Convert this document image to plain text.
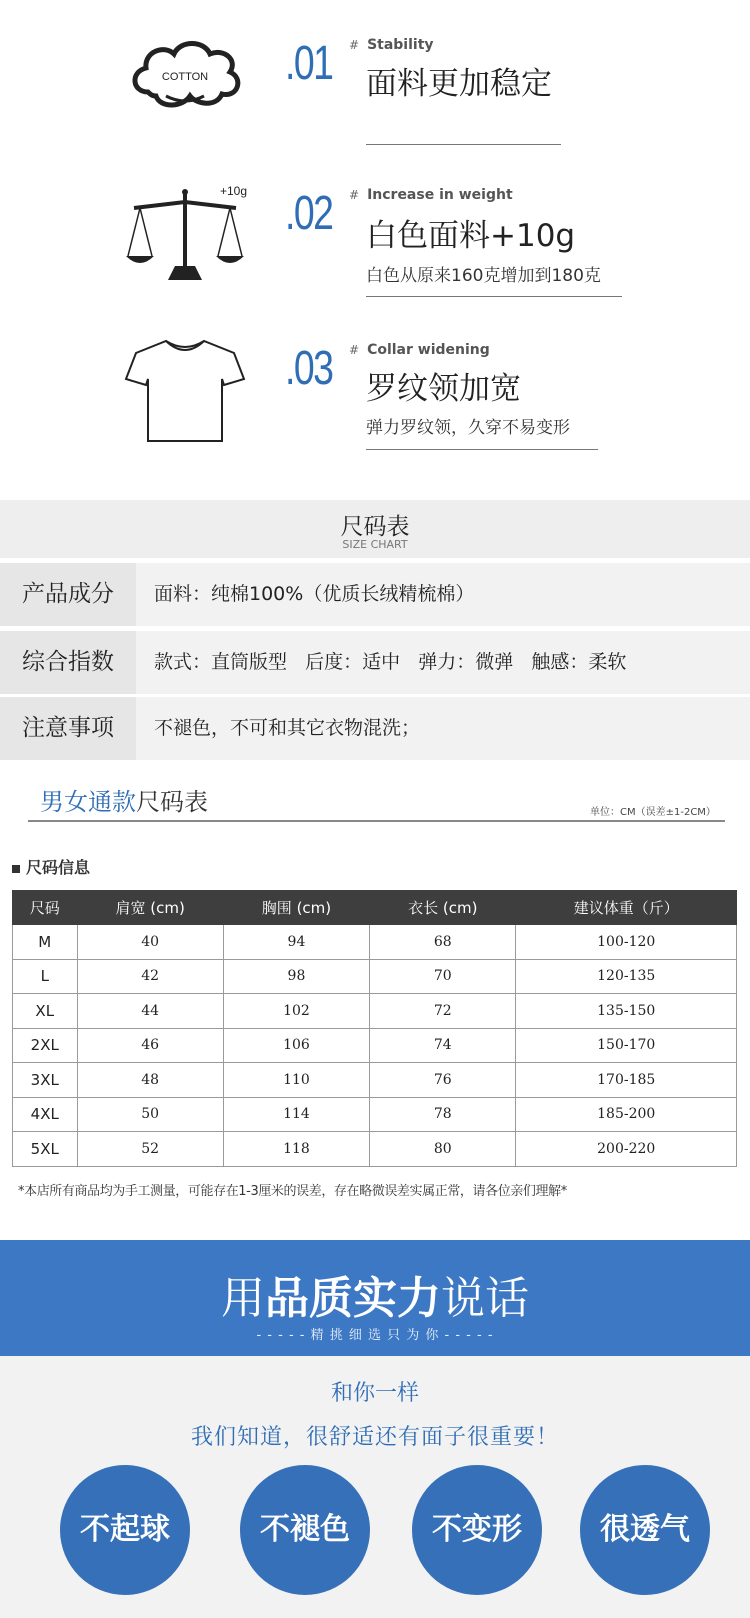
COTTON .01 # Stability
面料更加稳定
+10g .02 # Increase in weight
白色面料+10g
白色从原来160克增加到180克
.03 # Collar widening
罗纹领加宽
弹力罗纹领，久穿不易变形
尺码表
SIZE CHART
产品成分	面料：纯棉100%（优质长绒精梳棉）
综合指数	款式：直筒版型   后度：适中   弹力：微弹   触感：柔软
注意事项	不褪色，不可和其它衣物混洗；
男女通款尺码表	单位：CM（误差±1-2CM）
尺码信息
尺码	肩宽 (cm)	胸围 (cm)	衣长 (cm)	建议体重（斤）
M	40	94	68	100-120
L	42	98	70	120-135
XL	44	102	72	135-150
2XL	46	106	74	150-170
3XL	48	110	76	170-185
4XL	50	114	78	185-200
5XL	52	118	80	200-220
*本店所有商品均为手工测量，可能存在1-3厘米的误差，存在略微误差实属正常，请各位亲们理解*
用品质实力说话
- - - - - 精 挑 细 选 只 为 你 - - - - -
和你一样
我们知道，很舒适还有面子很重要！
不起球	不褪色	不变形	很透气
